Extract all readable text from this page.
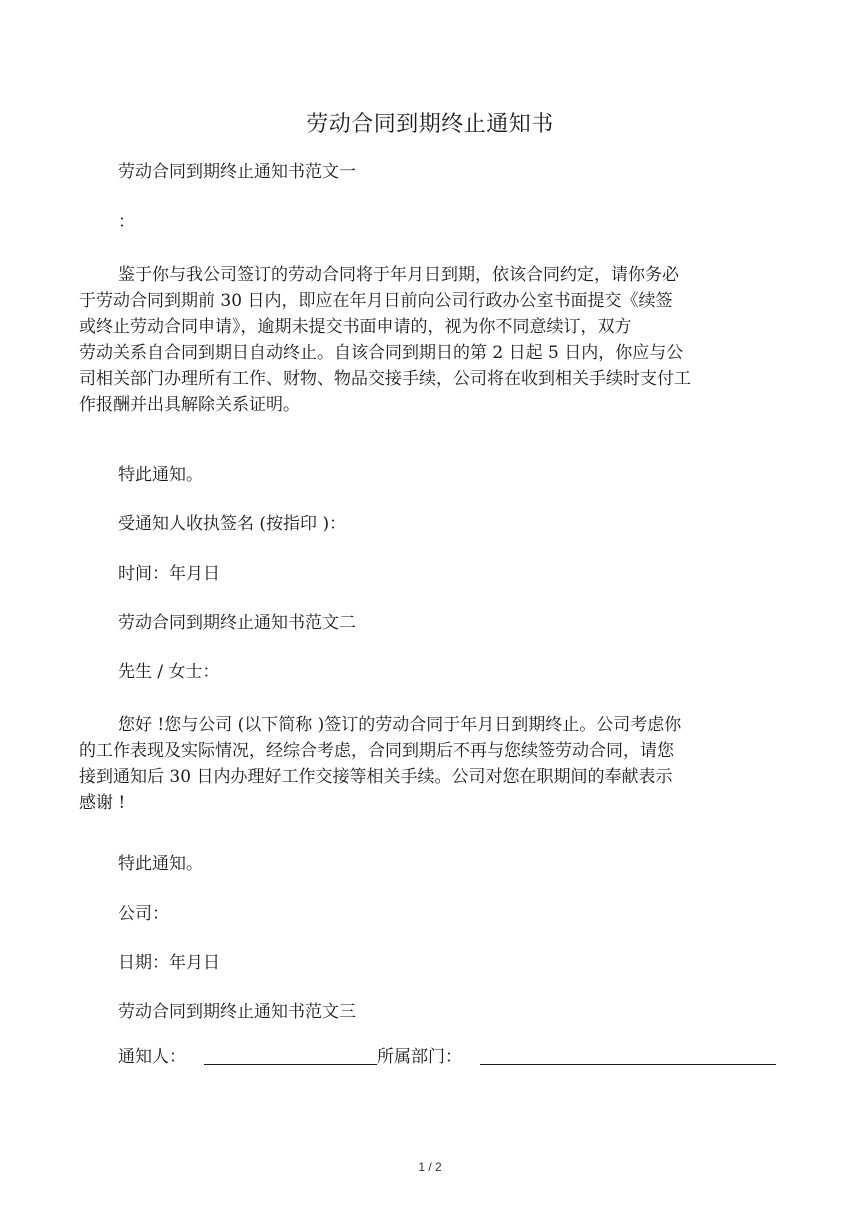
劳动合同到期终止通知书
劳动合同到期终止通知书范文一
：
鉴于你与我公司签订的劳动合同将于年月日到期，依该合同约定，请你务必
于劳动合同到期前 30 日内，即应在年月日前向公司行政办公室书面提交《续签
或终止劳动合同申请》，逾期未提交书面申请的，视为你不同意续订，双方
劳动关系自合同到期日自动终止。自该合同到期日的第 2 日起 5 日内，你应与公
司相关部门办理所有工作、财物、物品交接手续，公司将在收到相关手续时支付工
作报酬并出具解除关系证明。
特此通知。
受通知人收执签名 (按指印 )：
时间：年月日
劳动合同到期终止通知书范文二
先生 / 女士：
您好 !您与公司 (以下简称 )签订的劳动合同于年月日到期终止。公司考虑你
的工作表现及实际情况，经综合考虑，合同到期后不再与您续签劳动合同，请您
接到通知后 30 日内办理好工作交接等相关手续。公司对您在职期间的奉献表示
感谢 !
特此通知。
公司：
日期：年月日
劳动合同到期终止通知书范文三
通知人：	所属部门：
1 / 2
